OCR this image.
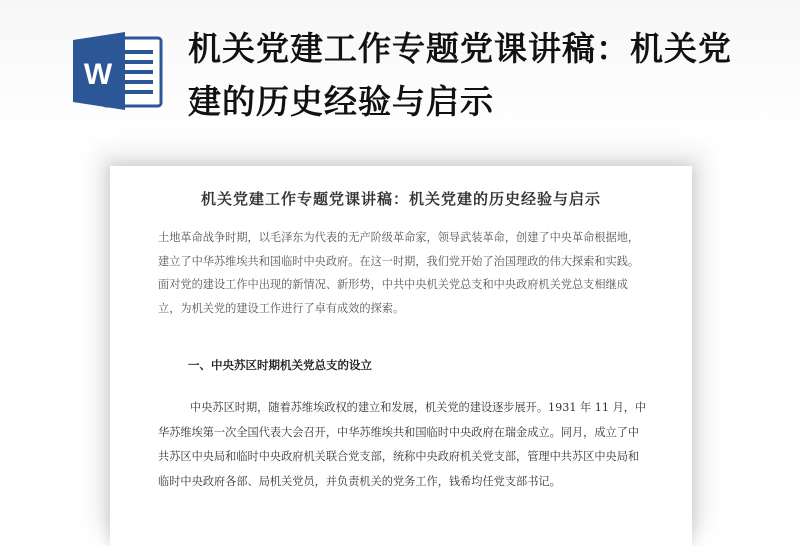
W
机关党建工作专题党课讲稿：机关党建的历史经验与启示
机关党建工作专题党课讲稿：机关党建的历史经验与启示

土地革命战争时期，以毛泽东为代表的无产阶级革命家，领导武装革命，创建了中央革命根据地，建立了中华苏维埃共和国临时中央政府。在这一时期，我们党开始了治国理政的伟大探索和实践。面对党的建设工作中出现的新情况、新形势，中共中央机关党总支和中央政府机关党总支相继成立，为机关党的建设工作进行了卓有成效的探索。

一、中央苏区时期机关党总支的设立

中央苏区时期，随着苏维埃政权的建立和发展，机关党的建设逐步展开。1931 年 11 月，中华苏维埃第一次全国代表大会召开，中华苏维埃共和国临时中央政府在瑞金成立。同月，成立了中共苏区中央局和临时中央政府机关联合党支部，统称中央政府机关党支部，管理中共苏区中央局和临时中央政府各部、局机关党员，并负责机关的党务工作，钱希均任党支部书记。
